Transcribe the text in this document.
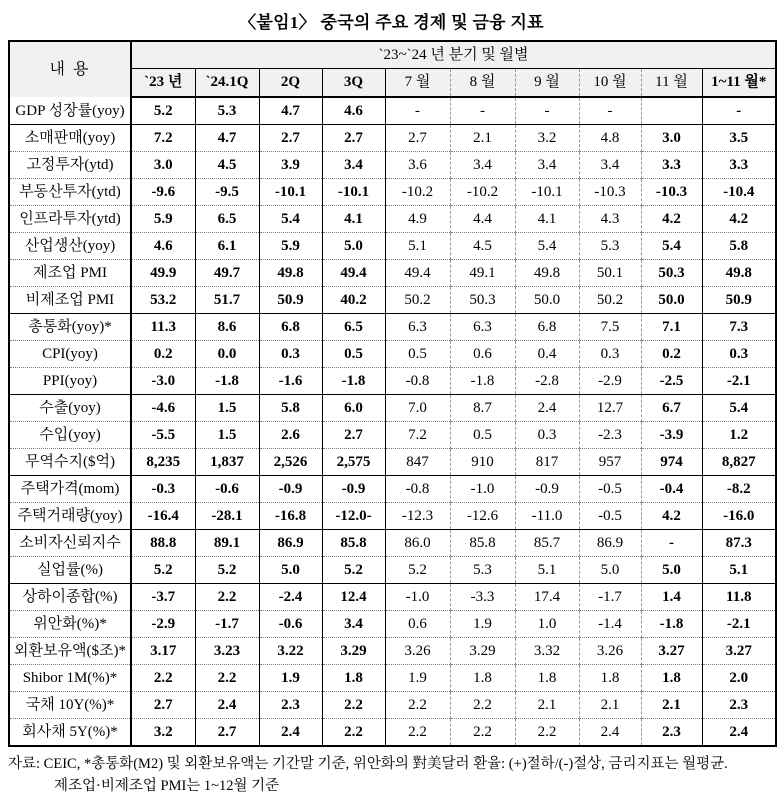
〈붙임1〉 중국의 주요 경제 및 금융 지표
내 용	`23~`24 년 분기 및 월별									
	`23 년	`24.1Q	2Q	3Q	7 월	8 월	9 월	10 월	11 월	1~11 월*
GDP 성장률(yoy)	5.2	5.3	4.7	4.6	-	-	-	-		-
소매판매(yoy)	7.2	4.7	2.7	2.7	2.7	2.1	3.2	4.8	3.0	3.5
고정투자(ytd)	3.0	4.5	3.9	3.4	3.6	3.4	3.4	3.4	3.3	3.3
부동산투자(ytd)	-9.6	-9.5	-10.1	-10.1	-10.2	-10.2	-10.1	-10.3	-10.3	-10.4
인프라투자(ytd)	5.9	6.5	5.4	4.1	4.9	4.4	4.1	4.3	4.2	4.2
산업생산(yoy)	4.6	6.1	5.9	5.0	5.1	4.5	5.4	5.3	5.4	5.8
제조업 PMI	49.9	49.7	49.8	49.4	49.4	49.1	49.8	50.1	50.3	49.8
비제조업 PMI	53.2	51.7	50.9	40.2	50.2	50.3	50.0	50.2	50.0	50.9
총통화(yoy)*	11.3	8.6	6.8	6.5	6.3	6.3	6.8	7.5	7.1	7.3
CPI(yoy)	0.2	0.0	0.3	0.5	0.5	0.6	0.4	0.3	0.2	0.3
PPI(yoy)	-3.0	-1.8	-1.6	-1.8	-0.8	-1.8	-2.8	-2.9	-2.5	-2.1
수출(yoy)	-4.6	1.5	5.8	6.0	7.0	8.7	2.4	12.7	6.7	5.4
수입(yoy)	-5.5	1.5	2.6	2.7	7.2	0.5	0.3	-2.3	-3.9	1.2
무역수지($억)	8,235	1,837	2,526	2,575	847	910	817	957	974	8,827
주택가격(mom)	-0.3	-0.6	-0.9	-0.9	-0.8	-1.0	-0.9	-0.5	-0.4	-8.2
주택거래량(yoy)	-16.4	-28.1	-16.8	-12.0-	-12.3	-12.6	-11.0	-0.5	4.2	-16.0
소비자신뢰지수	88.8	89.1	86.9	85.8	86.0	85.8	85.7	86.9	-	87.3
실업률(%)	5.2	5.2	5.0	5.2	5.2	5.3	5.1	5.0	5.0	5.1
상하이종합(%)	-3.7	2.2	-2.4	12.4	-1.0	-3.3	17.4	-1.7	1.4	11.8
위안화(%)*	-2.9	-1.7	-0.6	3.4	0.6	1.9	1.0	-1.4	-1.8	-2.1
외환보유액($조)*	3.17	3.23	3.22	3.29	3.26	3.29	3.32	3.26	3.27	3.27
Shibor 1M(%)*	2.2	2.2	1.9	1.8	1.9	1.8	1.8	1.8	1.8	2.0
국채 10Y(%)*	2.7	2.4	2.3	2.2	2.2	2.2	2.1	2.1	2.1	2.3
회사채 5Y(%)*	3.2	2.7	2.4	2.2	2.2	2.2	2.2	2.4	2.3	2.4
자료: CEIC, *총통화(M2) 및 외환보유액는 기간말 기준, 위안화의 對美달러 환율: (+)절하/(-)절상, 금리지표는 월평균.
제조업·비제조업 PMI는 1~12월 기준
